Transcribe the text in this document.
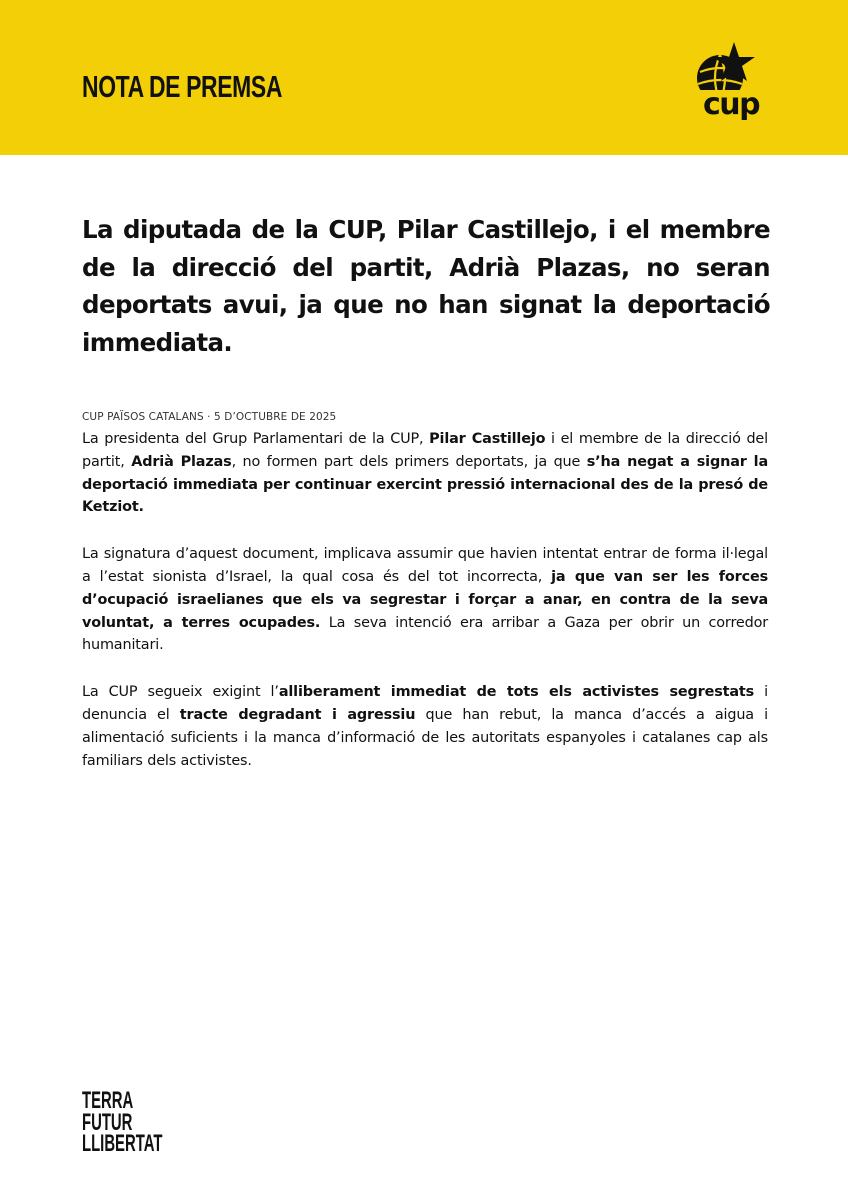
NOTA DE PREMSA
cup
La diputada de la CUP, Pilar Castillejo, i el membre de la direcció del partit, Adrià Plazas, no seran deportats avui, ja que no han signat la deportació immediata.

CUP PAÏSOS CATALANS · 5 D’OCTUBRE DE 2025

La presidenta del Grup Parlamentari de la CUP, Pilar Castillejo i el membre de la direcció del partit, Adrià Plazas, no formen part dels primers deportats, ja que s’ha negat a signar la deportació immediata per continuar exercint pressió internacional des de la presó de Ketziot.

La signatura d’aquest document, implicava assumir que havien intentat entrar de forma il·legal a l’estat sionista d’Israel, la qual cosa és del tot incorrecta, ja que van ser les forces d’ocupació israelianes que els va segrestar i forçar a anar, en contra de la seva voluntat, a terres ocupades. La seva intenció era arribar a Gaza per obrir un corredor humanitari.

La CUP segueix exigint l’alliberament immediat de tots els activistes segrestats i denuncia el tracte degradant i agressiu que han rebut, la manca d’accés a aigua i alimentació suficients i la manca d’informació de les autoritats espanyoles i catalanes cap als familiars dels activistes.

TERRA
FUTUR
LLIBERTAT
